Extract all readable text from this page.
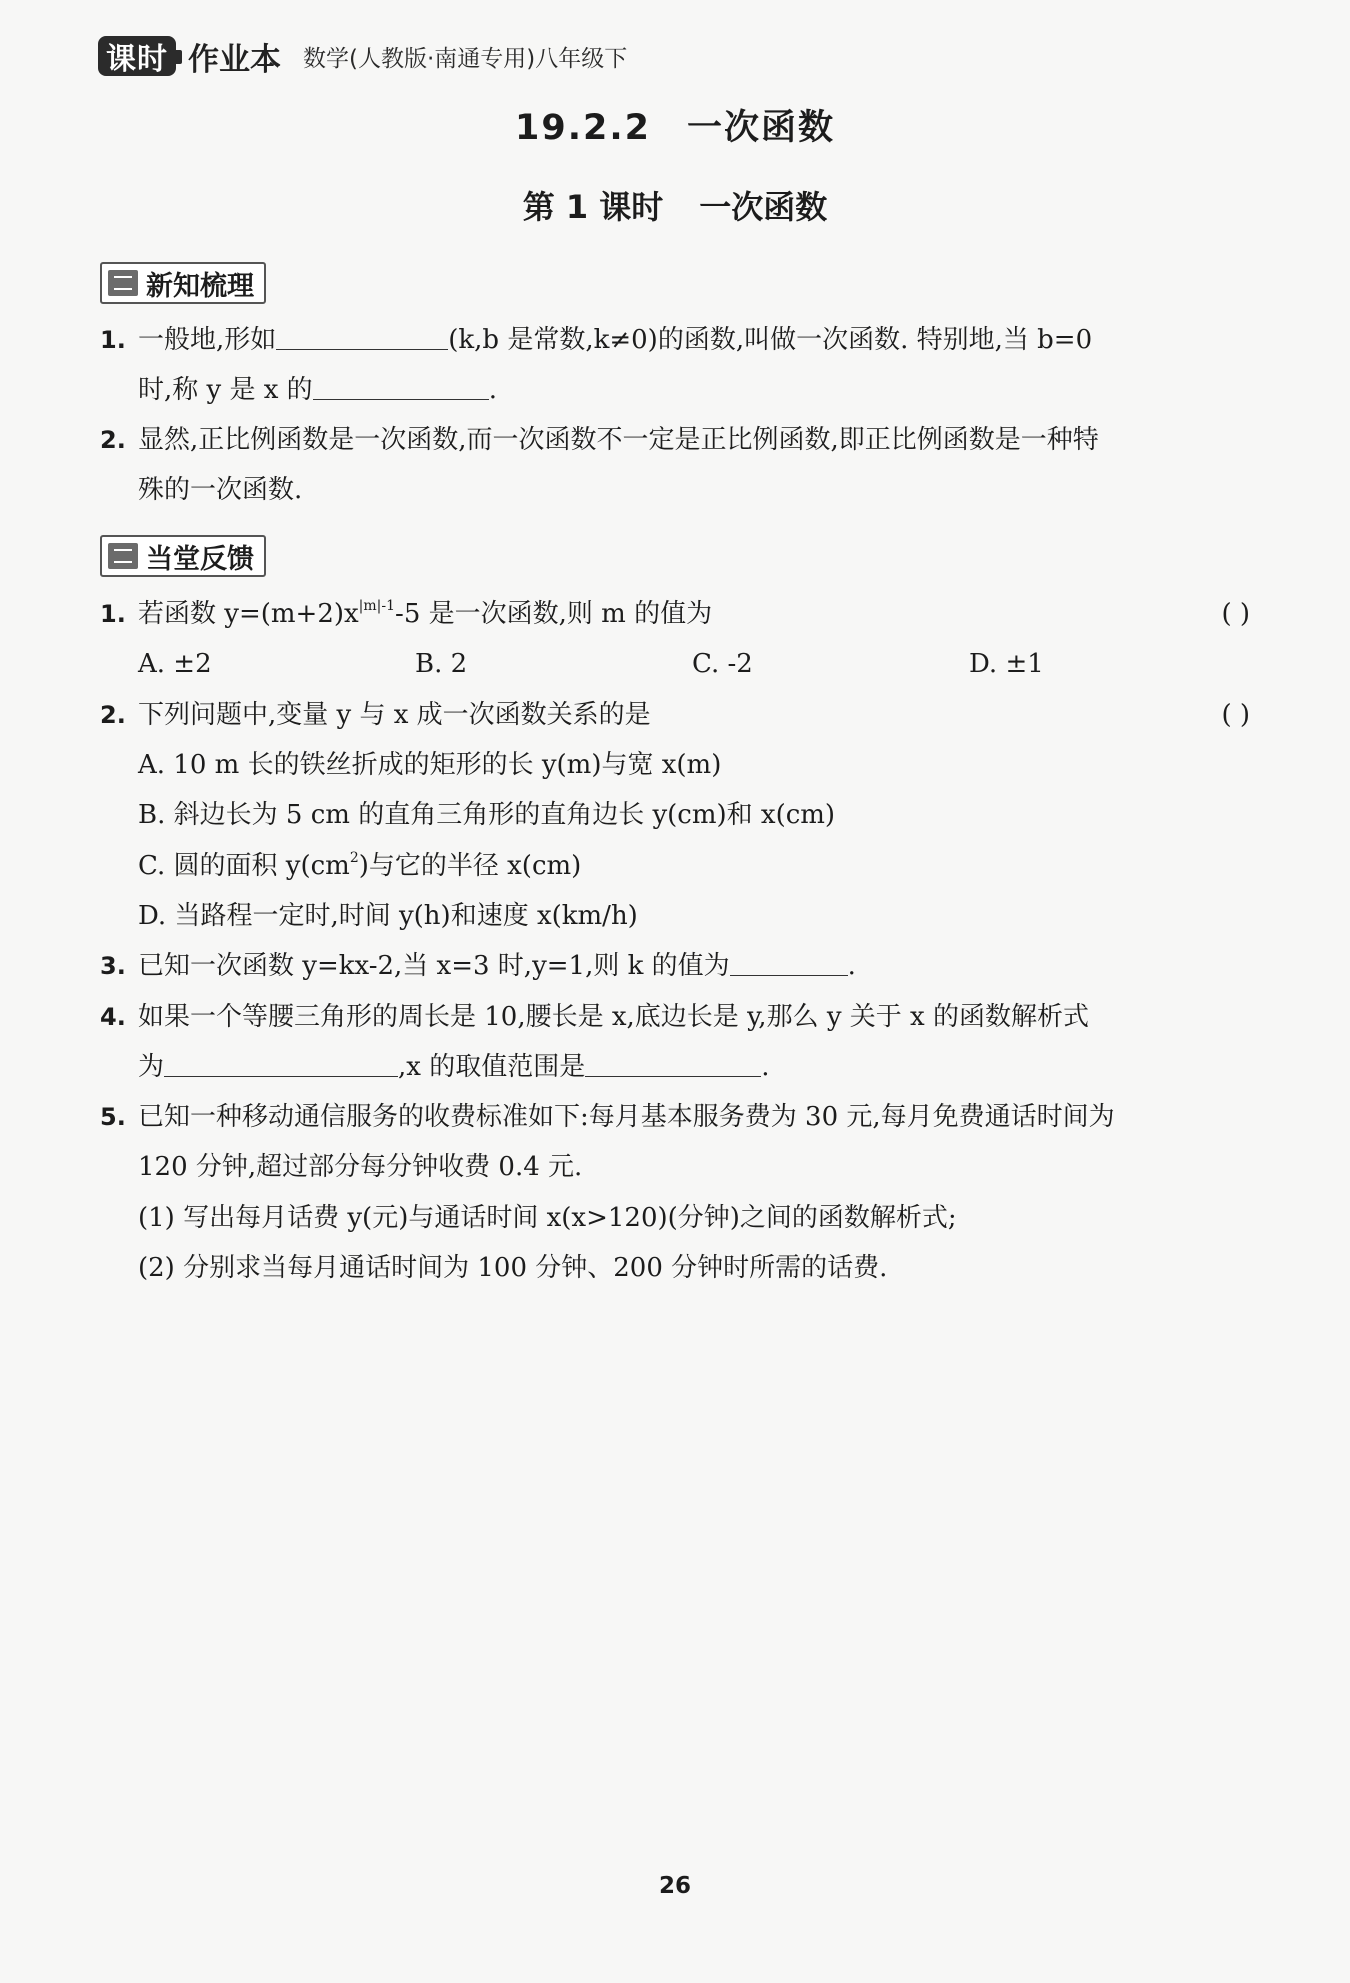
课时 作业本 数学(人教版·南通专用)八年级下
19.2.2 一次函数
第 1 课时 一次函数
新知梳理
1. 一般地,形如	(k,b 是常数,k≠0)的函数,叫做一次函数. 特别地,当 b=0
时,称 y 是 x 的	.
2. 显然,正比例函数是一次函数,而一次函数不一定是正比例函数,即正比例函数是一种特
殊的一次函数.
当堂反馈
1. 若函数 $y=(m+2)x^{|m|-1}-5$ 是一次函数,则 m 的值为	( )
A. ±2	B. 2	C. -2	D. ±1
2. 下列问题中,变量 y 与 x 成一次函数关系的是	( )
A. 10 m 长的铁丝折成的矩形的长 y(m)与宽 x(m)
B. 斜边长为 5 cm 的直角三角形的直角边长 y(cm)和 x(cm)
C. 圆的面积 $y(cm^2)$与它的半径 x(cm)
D. 当路程一定时,时间 y(h)和速度 x(km/h)
3. 已知一次函数 y=kx-2,当 x=3 时,y=1,则 k 的值为	.
4. 如果一个等腰三角形的周长是 10,腰长是 x,底边长是 y,那么 y 关于 x 的函数解析式
为	,x 的取值范围是	.
5. 已知一种移动通信服务的收费标准如下:每月基本服务费为 30 元,每月免费通话时间为
120 分钟,超过部分每分钟收费 0.4 元.
(1) 写出每月话费 y(元)与通话时间 x(x>120)(分钟)之间的函数解析式;
(2) 分别求当每月通话时间为 100 分钟、200 分钟时所需的话费.
26
